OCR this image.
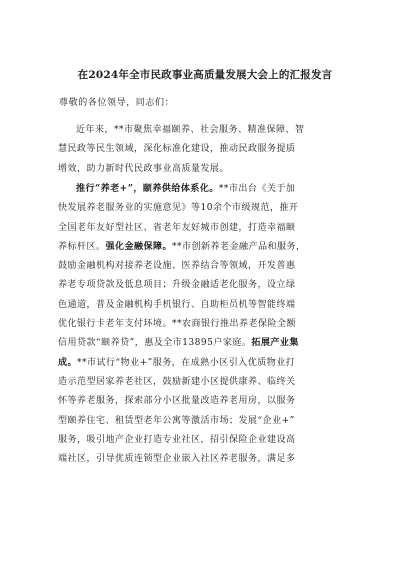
在2024年全市民政事业高质量发展大会上的汇报发言
尊敬的各位领导，同志们：
近年来，**市聚焦幸福颐养、社会服务、精准保障、智
慧民政等民生领域，深化标准化建设，推动民政服务提质
增效，助力新时代民政事业高质量发展。
推行“养老+”，颐养供给体系化。**市出台《关于加
快发展养老服务业的实施意见》等10余个市级规范，推开
全国老年友好型社区、省老年友好城市创建，打造幸福颐
养标杆区。强化金融保障。**市创新养老金融产品和服务，
鼓励金融机构对接养老设施、医养结合等领域，开发普惠
养老专项贷款及低息项目；升级金融适老化服务，设立绿
色通道，普及金融机构手机银行、自助柜员机等智能终端
优化银行卡老年支付环境。**农商银行推出养老保险全额
信用贷款“颐养贷”，惠及全市13895户家庭。拓展产业集
成。**市试行“物业+”服务，在成熟小区引入优质物业打
造示范型居家养老社区，鼓励新建小区提供康养、临终关
怀等养老服务，探索部分小区批量改造养老用房，以服务
型颐养住宅、租赁型老年公寓等激活市场；发展“企业+”
服务，吸引地产企业打造专业社区，招引保险企业建设高
端社区，引导优质连锁型企业嵌入社区养老服务，满足多
